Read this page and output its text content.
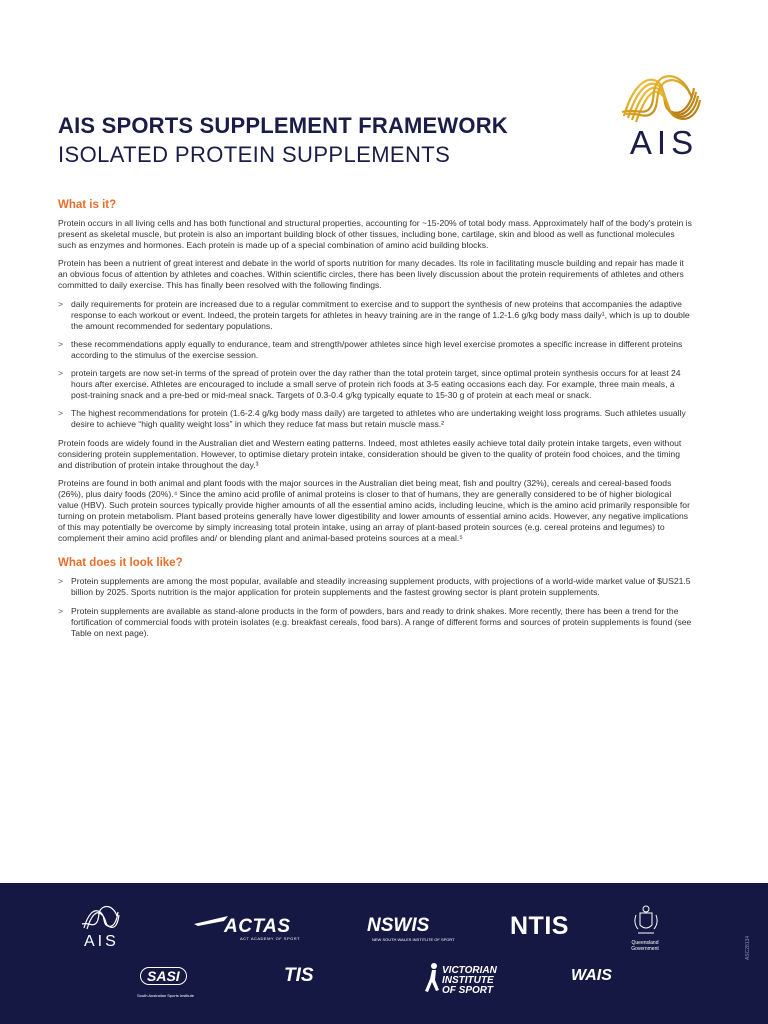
AIS SPORTS SUPPLEMENT FRAMEWORK
ISOLATED PROTEIN SUPPLEMENTS	AIS
What is it?

Protein occurs in all living cells and has both functional and structural properties, accounting for ~15-20% of total body mass. Approximately half of the body's protein is present as skeletal muscle, but protein is also an important building block of other tissues, including bone, cartilage, skin and blood as well as functional molecules such as enzymes and hormones. Each protein is made up of a special combination of amino acid building blocks.

Protein has been a nutrient of great interest and debate in the world of sports nutrition for many decades. Its role in facilitating muscle building and repair has made it an obvious focus of attention by athletes and coaches. Within scientific circles, there has been lively discussion about the protein requirements of athletes and others committed to daily exercise. This has finally been resolved with the following findings.

> daily requirements for protein are increased due to a regular commitment to exercise and to support the synthesis of new proteins that accompanies the adaptive response to each workout or event. Indeed, the protein targets for athletes in heavy training are in the range of 1.2-1.6 g/kg body mass daily¹, which is up to double the amount recommended for sedentary populations.
> these recommendations apply equally to endurance, team and strength/power athletes since high level exercise promotes a specific increase in different proteins according to the stimulus of the exercise session.
> protein targets are now set-in terms of the spread of protein over the day rather than the total protein target, since optimal protein synthesis occurs for at least 24 hours after exercise. Athletes are encouraged to include a small serve of protein rich foods at 3-5 eating occasions each day. For example, three main meals, a post-training snack and a pre-bed or mid-meal snack. Targets of 0.3-0.4 g/kg typically equate to 15-30 g of protein at each meal or snack.
> The highest recommendations for protein (1.6-2.4 g/kg body mass daily) are targeted to athletes who are undertaking weight loss programs. Such athletes usually desire to achieve “high quality weight loss” in which they reduce fat mass but retain muscle mass.²

Protein foods are widely found in the Australian diet and Western eating patterns. Indeed, most athletes easily achieve total daily protein intake targets, even without considering protein supplementation. However, to optimise dietary protein intake, consideration should be given to the quality of protein food choices, and the timing and distribution of protein intake throughout the day.³

Proteins are found in both animal and plant foods with the major sources in the Australian diet being meat, fish and poultry (32%), cereals and cereal-based foods (26%), plus dairy foods (20%).⁴ Since the amino acid profile of animal proteins is closer to that of humans, they are generally considered to be of higher biological value (HBV). Such protein sources typically provide higher amounts of all the essential amino acids, including leucine, which is the amino acid primarily responsible for turning on protein metabolism. Plant based proteins generally have lower digestibility and lower amounts of essential amino acids. However, any negative implications of this may potentially be overcome by simply increasing total protein intake, using an array of plant-based protein sources (e.g. cereal proteins and legumes) to complement their amino acid profiles and/ or blending plant and animal-based proteins sources at a meal.⁵

What does it look like?
> Protein supplements are among the most popular, available and steadily increasing supplement products, with projections of a world-wide market value of $US21.5 billion by 2025. Sports nutrition is the major application for protein supplements and the fastest growing sector is plant protein supplements.
> Protein supplements are available as stand-alone products in the form of powders, bars and ready to drink shakes. More recently, there has been a trend for the fortification of commercial foods with protein isolates (e.g. breakfast cereals, food bars). A range of different forms and sources of protein supplements is found (see Table on next page).
AIS
ACTAS
ACT ACADEMY OF SPORT
NSWIS
NEW SOUTH WALES INSTITUTE OF SPORT NTIS
Queensland Government
SASI
South Australian Sports Institute
TIS	VICTORIAN INSTITUTE OF SPORT
WAIS
ASC28134
